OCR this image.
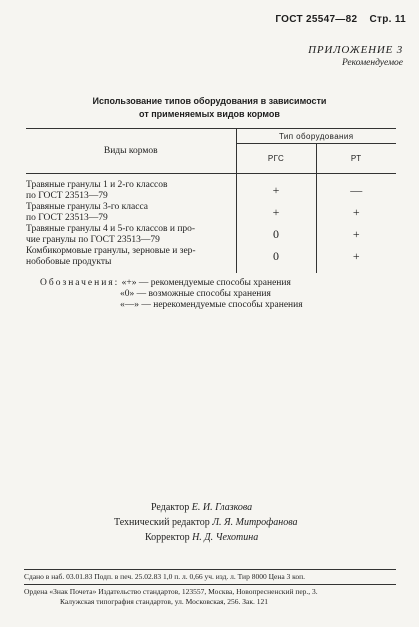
ГОСТ 25547—82 Стр. 11
ПРИЛОЖЕНИЕ 3
Рекомендуемое
Использование типов оборудования в зависимости
от применяемых видов кормов
Виды кормов	Тип оборудования	
	РГС	РТ

Травяные гранулы 1 и 2-го классов
по ГОСТ 23513—79	+	—

Травяные гранулы 3-го класса
по ГОСТ 23513—79	+	+

Травяные гранулы 4 и 5-го классов и про-
чие гранулы по ГОСТ 23513—79	0	+

Комбикормовые гранулы, зерновые и зер-
нобобовые продукты	0	+

Обозначения: «+» — рекомендуемые способы хранения
«0» — возможные способы хранения
«—» — нерекомендуемые способы хранения
Редактор Е. И. Глазкова
Технический редактор Л. Я. Митрофанова
Корректор Н. Д. Чехотина
Сдано в наб. 03.01.83 Подп. в печ. 25.02.83 1,0 п. л. 0,66 уч. изд. л. Тир 8000 Цена 3 коп.
Ордена «Знак Почета» Издательство стандартов, 123557, Москва, Новопресненский пер., 3.
Калужская типография стандартов, ул. Московская, 256. Зак. 121
